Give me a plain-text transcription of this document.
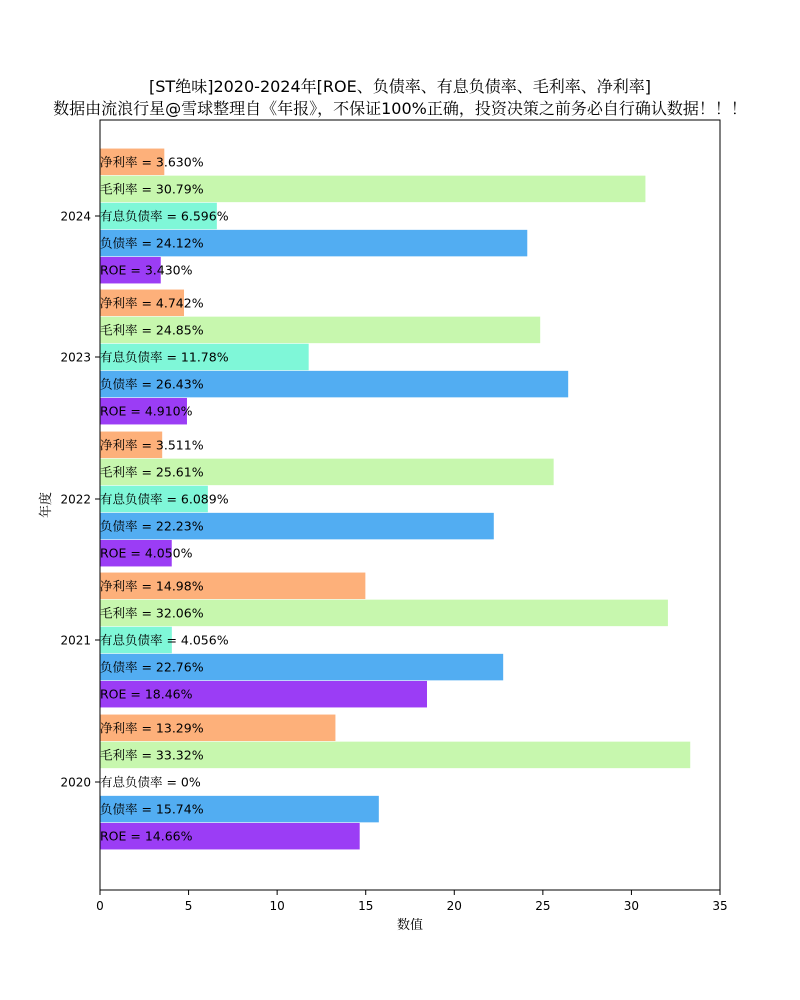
[ST绝味]2020-2024年[ROE、负债率、有息负债率、毛利率、净利率]
数据由流浪行星@雪球整理自《年报》，不保证100%正确，投资决策之前务必自行确认数据！！！
ROE = 14.66%
ROE = 18.46%
ROE = 4.050%
ROE = 4.910%
ROE = 3.430%
负债率 = 15.74%
负债率 = 22.76%
负债率 = 22.23%
负债率 = 26.43%
负债率 = 24.12%
有息负债率 = 0%
有息负债率 = 4.056%
有息负债率 = 6.089%
有息负债率 = 11.78%
有息负债率 = 6.596%
毛利率 = 33.32%
毛利率 = 32.06%
毛利率 = 25.61%
毛利率 = 24.85%
毛利率 = 30.79%
净利率 = 13.29%
净利率 = 14.98%
净利率 = 3.511%
净利率 = 4.742%
净利率 = 3.630%
0	5	10	15	20	25	30	35
2020
2021
2022
2023
2024
数值
年度
